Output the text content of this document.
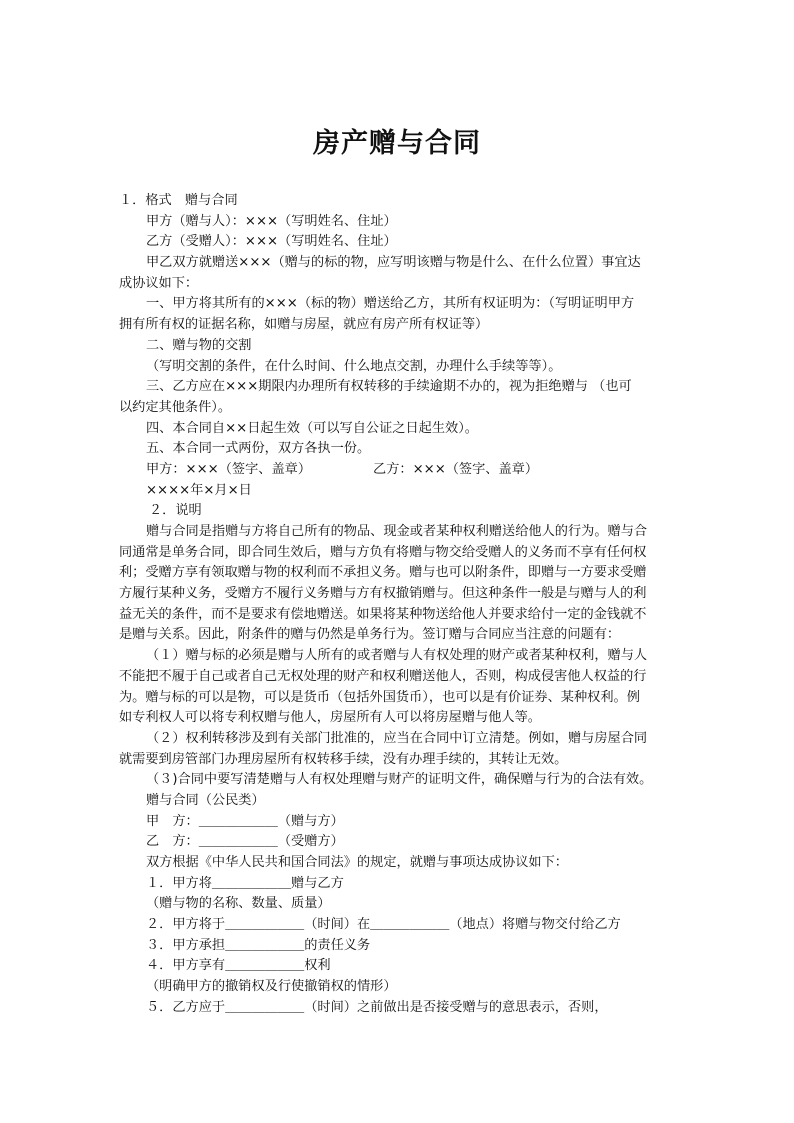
房产赠与合同
１．格式　赠与合同
甲方（赠与人）：×××（写明姓名、住址）
乙方（受赠人）：×××（写明姓名、住址）
甲乙双方就赠送×××（赠与的标的物，应写明该赠与物是什么、在什么位置）事宜达
成协议如下：
一、甲方将其所有的×××（标的物）赠送给乙方，其所有权证明为：（写明证明甲方
拥有所有权的证据名称，如赠与房屋，就应有房产所有权证等）
二、赠与物的交割
（写明交割的条件，在什么时间、什么地点交割，办理什么手续等等）。
三、乙方应在×××期限内办理所有权转移的手续逾期不办的，视为拒绝赠与 （也可
以约定其他条件）。
四、本合同自××日起生效（可以写自公证之日起生效）。
五、本合同一式两份，双方各执一份。
甲方：×××（签字、盖章）	乙方：×××（签字、盖章）
××××年×月×日
２．说明
赠与合同是指赠与方将自己所有的物品、现金或者某种权利赠送给他人的行为。赠与合
同通常是单务合同，即合同生效后，赠与方负有将赠与物交给受赠人的义务而不享有任何权
利；受赠方享有领取赠与物的权利而不承担义务。赠与也可以附条件，即赠与一方要求受赠
方履行某种义务，受赠方不履行义务赠与方有权撤销赠与。但这种条件一般是与赠与人的利
益无关的条件，而不是要求有偿地赠送。如果将某种物送给他人并要求给付一定的金钱就不
是赠与关系。因此，附条件的赠与仍然是单务行为。签订赠与合同应当注意的问题有：
（１）赠与标的必须是赠与人所有的或者赠与人有权处理的财产或者某种权利，赠与人
不能把不履于自己或者自己无权处理的财产和权利赠送他人，否则，构成侵害他人权益的行
为。赠与标的可以是物，可以是货币（包括外国货币），也可以是有价证券、某种权利。例
如专利权人可以将专利权赠与他人，房屋所有人可以将房屋赠与他人等。
（２）权利转移涉及到有关部门批准的，应当在合同中订立清楚。例如，赠与房屋合同
就需要到房管部门办理房屋所有权转移手续，没有办理手续的，其转让无效。
（３)合同中要写清楚赠与人有权处理赠与财产的证明文件，确保赠与行为的合法有效。
赠与合同（公民类）
甲　方：＿＿＿＿＿＿（赠与方）
乙　方：＿＿＿＿＿＿（受赠方）
双方根据《中华人民共和国合同法》的规定，就赠与事项达成协议如下：
１．甲方将＿＿＿＿＿＿赠与乙方
（赠与物的名称、数量、质量）
２．甲方将于＿＿＿＿＿＿（时间）在＿＿＿＿＿＿（地点）将赠与物交付给乙方
３．甲方承担＿＿＿＿＿＿的责任义务
４．甲方享有＿＿＿＿＿＿权利
（明确甲方的撤销权及行使撤销权的情形）
５．乙方应于＿＿＿＿＿＿（时间）之前做出是否接受赠与的意思表示，否则，
